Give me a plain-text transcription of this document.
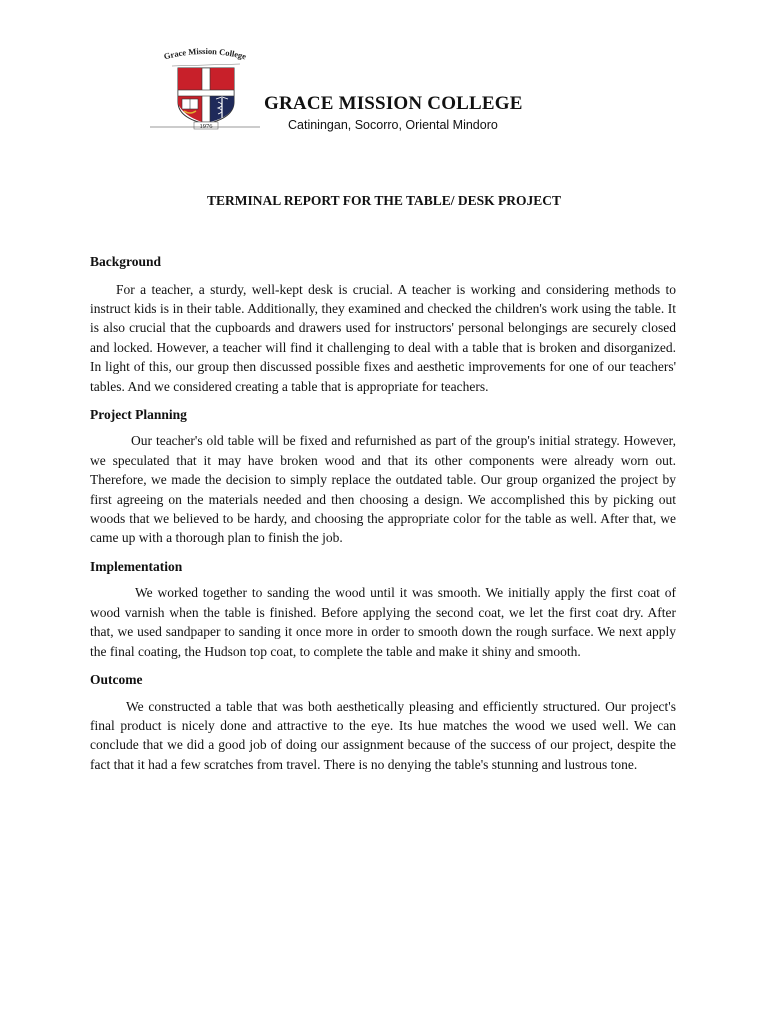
Grace Mission College
1976
GRACE MISSION COLLEGE
Catiningan, Socorro, Oriental Mindoro
TERMINAL REPORT FOR THE TABLE/ DESK PROJECT

Background

For a teacher, a sturdy, well-kept desk is crucial. A teacher is working and considering methods to instruct kids is in their table. Additionally, they examined and checked the children's work using the table. It is also crucial that the cupboards and drawers used for instructors' personal belongings are securely closed and locked. However, a teacher will find it challenging to deal with a table that is broken and disorganized. In light of this, our group then discussed possible fixes and aesthetic improvements for one of our teachers' tables. And we considered creating a table that is appropriate for teachers.

Project Planning

Our teacher's old table will be fixed and refurnished as part of the group's initial strategy. However, we speculated that it may have broken wood and that its other components were already worn out. Therefore, we made the decision to simply replace the outdated table. Our group organized the project by first agreeing on the materials needed and then choosing a design. We accomplished this by picking out woods that we believed to be hardy, and choosing the appropriate color for the table as well. After that, we came up with a thorough plan to finish the job.

Implementation

We worked together to sanding the wood until it was smooth. We initially apply the first coat of wood varnish when the table is finished. Before applying the second coat, we let the first coat dry. After that, we used sandpaper to sanding it once more in order to smooth down the rough surface. We next apply the final coating, the Hudson top coat, to complete the table and make it shiny and smooth.

Outcome

We constructed a table that was both aesthetically pleasing and efficiently structured. Our project's final product is nicely done and attractive to the eye. Its hue matches the wood we used well. We can conclude that we did a good job of doing our assignment because of the success of our project, despite the fact that it had a few scratches from travel. There is no denying the table's stunning and lustrous tone.
